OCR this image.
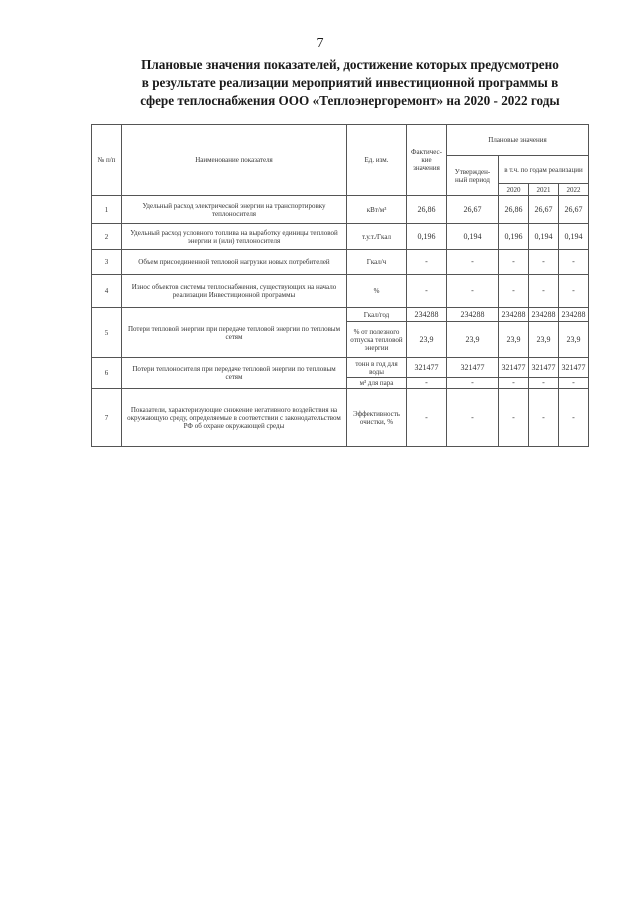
7
Плановые значения показателей, достижение которых предусмотрено
в результате реализации мероприятий инвестиционной программы в
сфере теплоснабжения ООО «Теплоэнергоремонт» на 2020 - 2022 годы
№ п/п	Наименование показателя	Ед. изм.	Фактичес-кие значения	Плановые значения			
				Утвержден-ный период	в т.ч. по годам реализации		
					2020	2021	2022
1	Удельный расход электрической энергии на транспортировку теплоносителя	кВт/м³	26,86	26,67	26,86	26,67	26,67
2	Удельный расход условного топлива на выработку единицы тепловой энергии и (или) теплоносителя	т.у.т./Гкал	0,196	0,194	0,196	0,194	0,194
3	Объем присоединенной тепловой нагрузки новых потребителей	Гкал/ч	-	-	-	-	-
4	Износ объектов системы теплоснабжения, существующих на начало реализации Инвестиционной программы	%	-	-	-	-	-
5	Потери тепловой энергии при передаче тепловой энергии по тепловым сетям	Гкал/год	234288	234288	234288	234288	234288
		% от полезного отпуска тепловой энергии	23,9	23,9	23,9	23,9	23,9
6	Потери теплоносителя при передаче тепловой энергии по тепловым сетям	тонн в год для воды	321477	321477	321477	321477	321477
		м³ для пара	-	-	-	-	-
7	Показатели, характеризующие снижение негативного воздействия на окружающую среду, определяемые в соответствии с законодательством РФ об охране окружающей среды	Эффективность очистки, %	-	-	-	-	-
